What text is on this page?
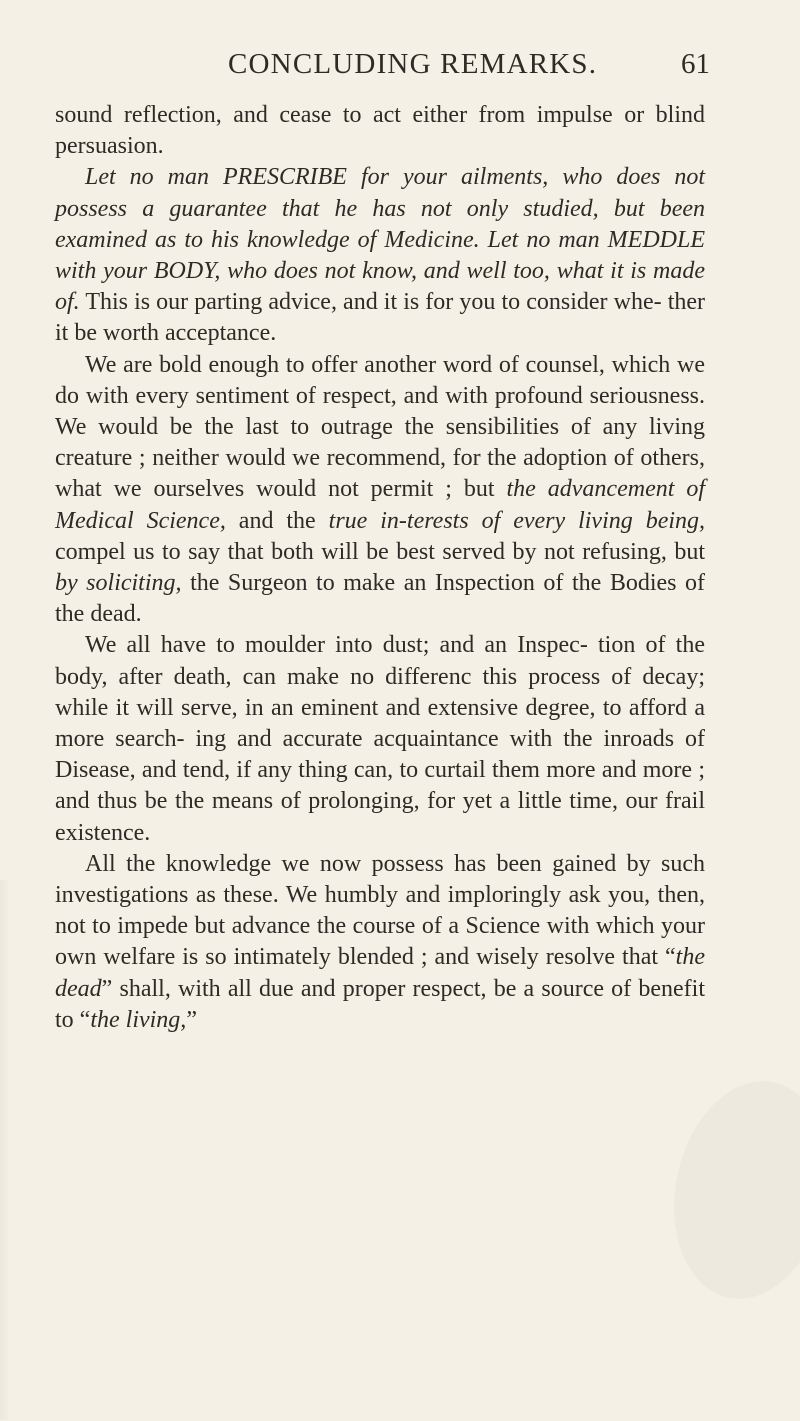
CONCLUDING REMARKS.	61

sound reflection, and cease to act either from impulse or blind persuasion.

Let no man PRESCRIBE for your ailments, who does not possess a guarantee that he has not only studied, but been examined as to his knowledge of Medicine. Let no man MEDDLE with your BODY, who does not know, and well too, what it is made of. This is our parting advice, and it is for you to consider whe- ther it be worth acceptance.

We are bold enough to offer another word of counsel, which we do with every sentiment of respect, and with profound seriousness. We would be the last to outrage the sensibilities of any living creature ; neither would we recommend, for the adoption of others, what we ourselves would not permit ; but the advancement of Medical Science, and the true in-terests of every living being, compel us to say that both will be best served by not refusing, but by soliciting, the Surgeon to make an Inspection of the Bodies of the dead.

We all have to moulder into dust; and an Inspec- tion of the body, after death, can make no differenc this process of decay; while it will serve, in an eminent and extensive degree, to afford a more search- ing and accurate acquaintance with the inroads of Disease, and tend, if any thing can, to curtail them more and more ; and thus be the means of prolonging, for yet a little time, our frail existence.

All the knowledge we now possess has been gained by such investigations as these. We humbly and imploringly ask you, then, not to impede but advance the course of a Science with which your own welfare is so intimately blended ; and wisely resolve that “the dead” shall, with all due and proper respect, be a source of benefit to “the living,”
